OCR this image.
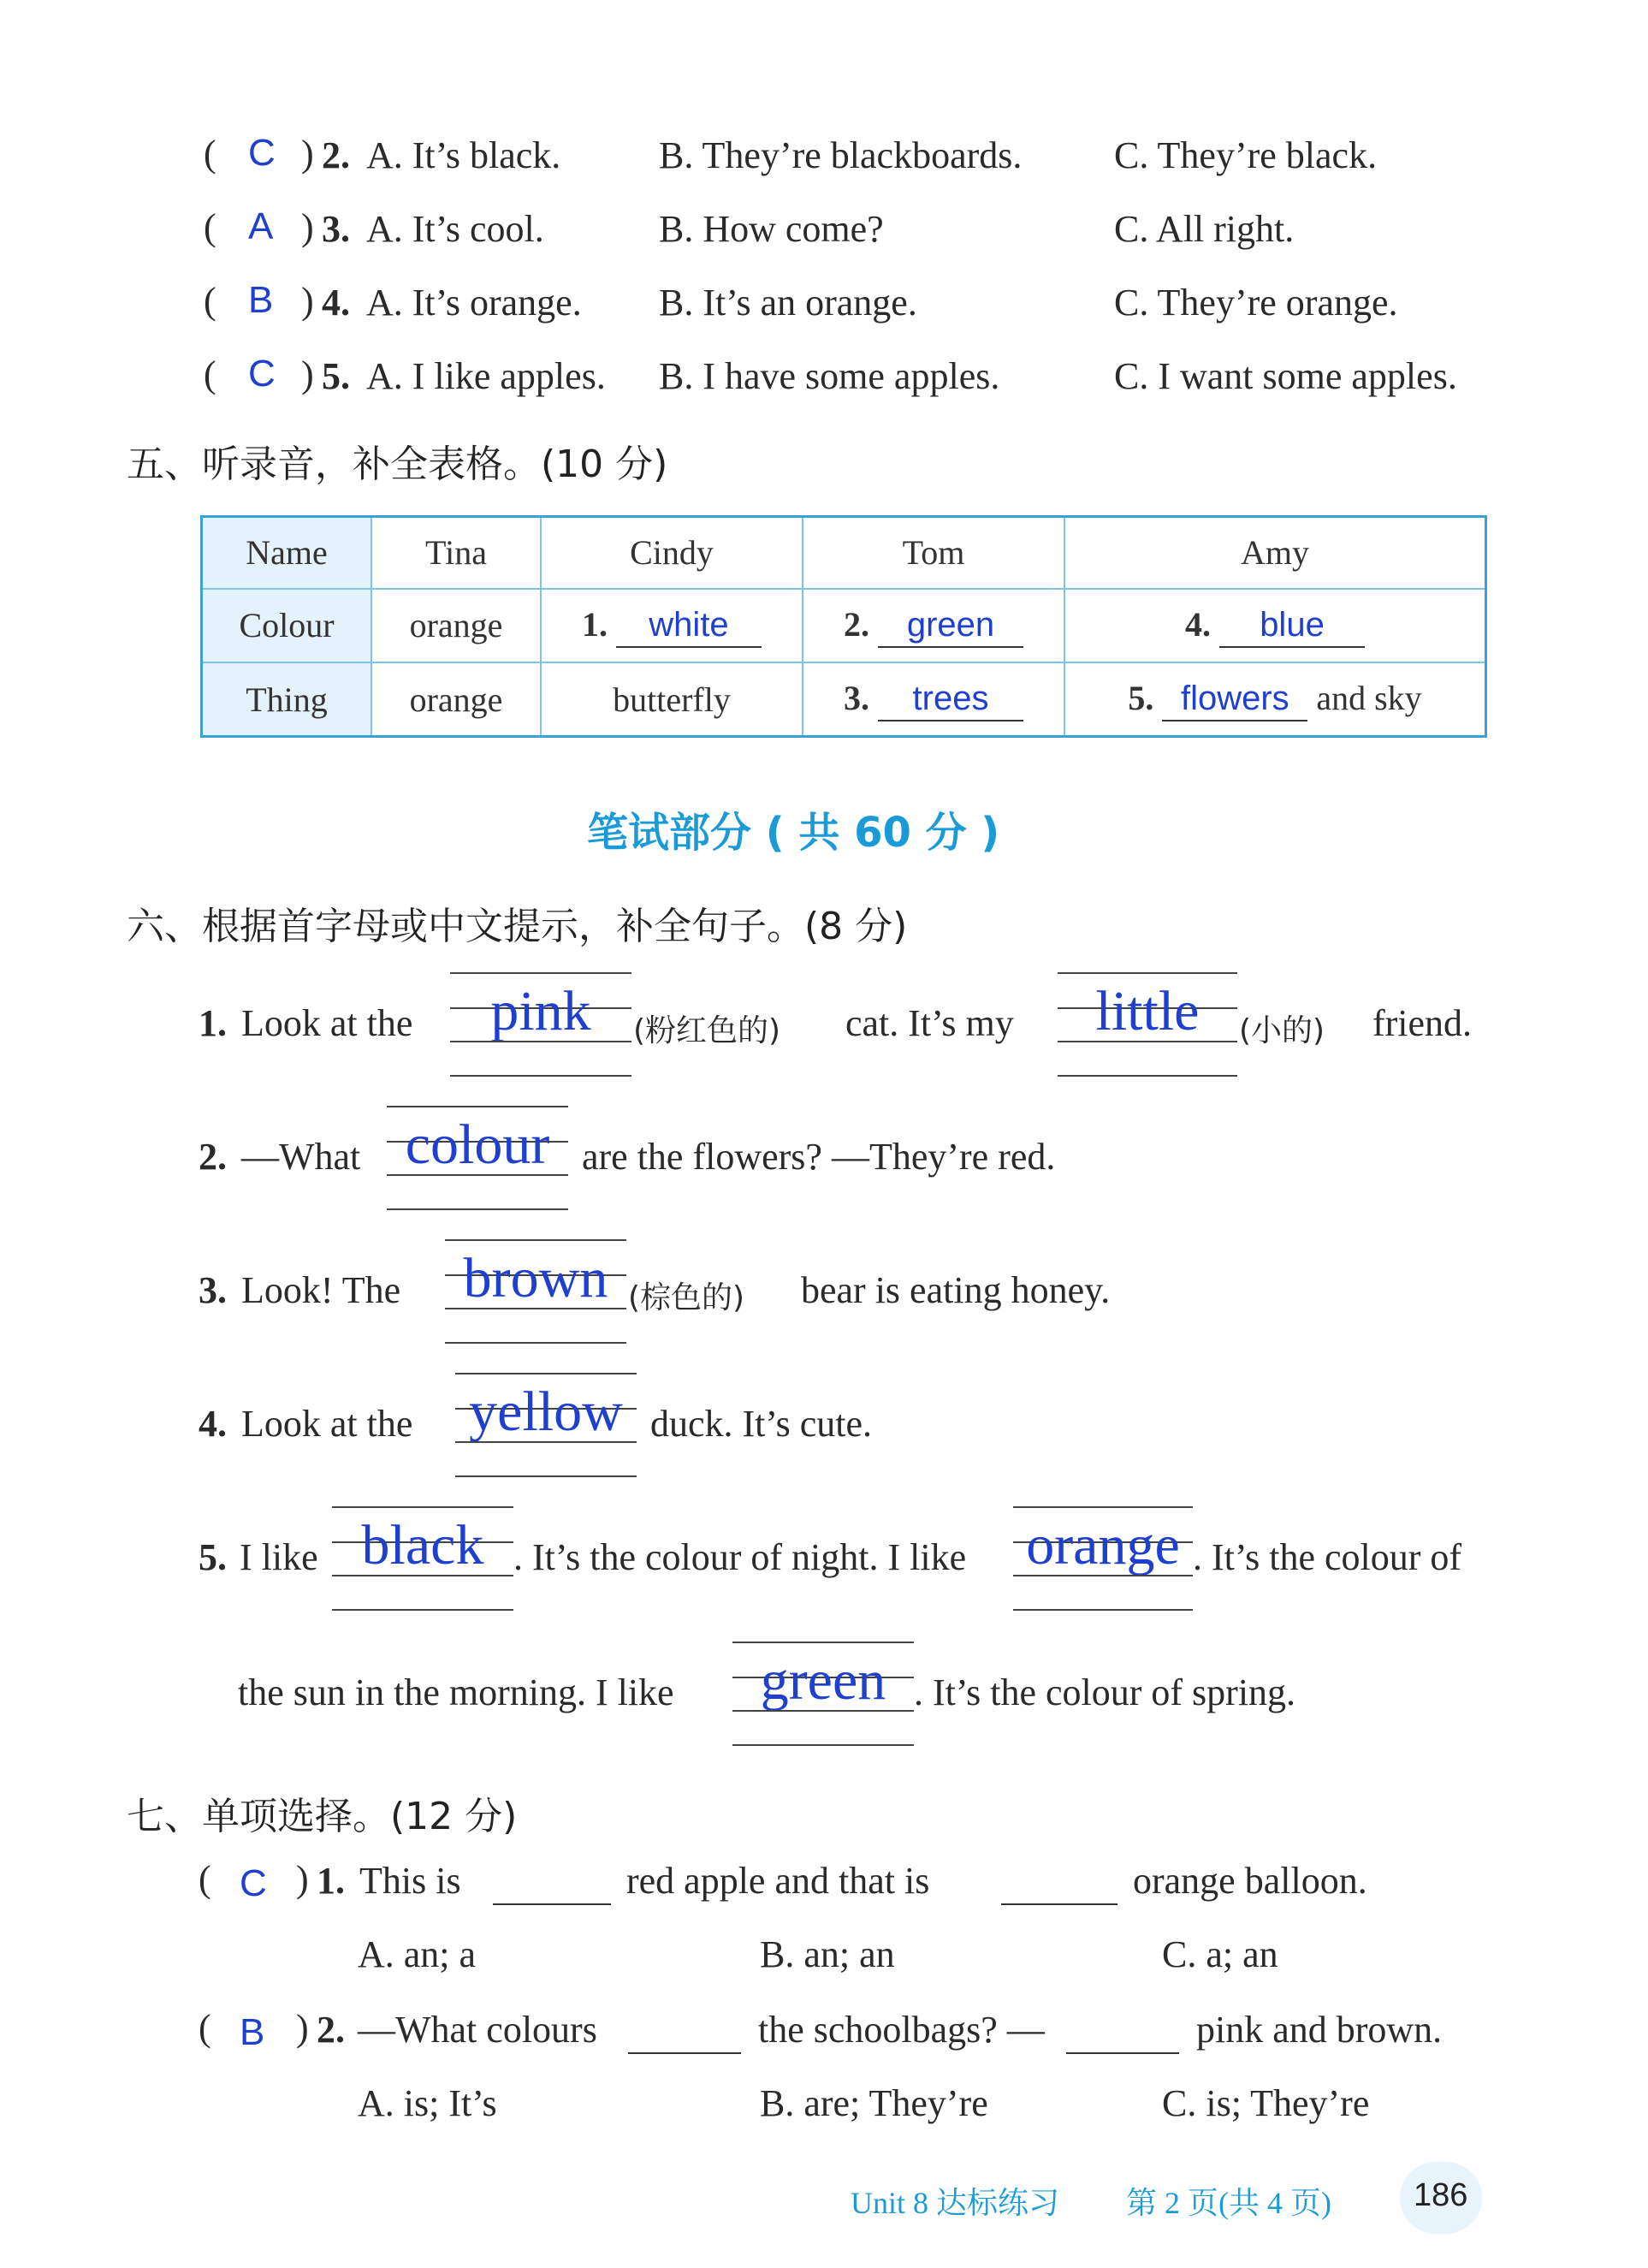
( C ) 2. A. It’s black.	B. They’re blackboards. C. They’re black.
( A ) 3. A. It’s cool.	B. How come?	C. All right.
( B ) 4. A. It’s orange. B. It’s an orange.	C. They’re orange.
( C ) 5. A. I like apples. B. I have some apples.	C. I want some apples.
五、听录音，补全表格。(10 分)
Name	Tina	Cindy	Tom	Amy
Colour	orange	1. white	2. green	4. blue
Thing	orange	butterfly	3. trees	5. flowers and sky
笔试部分 ( 共 60 分 )
六、根据首字母或中文提示，补全句子。(8 分)
1. Look at the	pink	(粉红色的) cat. It’s my	little	(小的) friend.
2. —What colour are the flowers? —They’re red.
3. Look! The	brown (棕色的) bear is eating honey.
4. Look at the yellow duck. It’s cute.
5. I like black . It’s the colour of night. I like orange . It’s the colour of
the sun in the morning. I like	green . It’s the colour of spring.
七、单项选择。(12 分)
( C ) 1. This is	red apple and that is	orange balloon.
A. an; a	B. an; an	C. a; an
( B ) 2. —What colours	the schoolbags? —	pink and brown.
A. is; It’s	B. are; They’re	C. is; They’re
Unit 8 达标练习 第 2 页(共 4 页)	186
